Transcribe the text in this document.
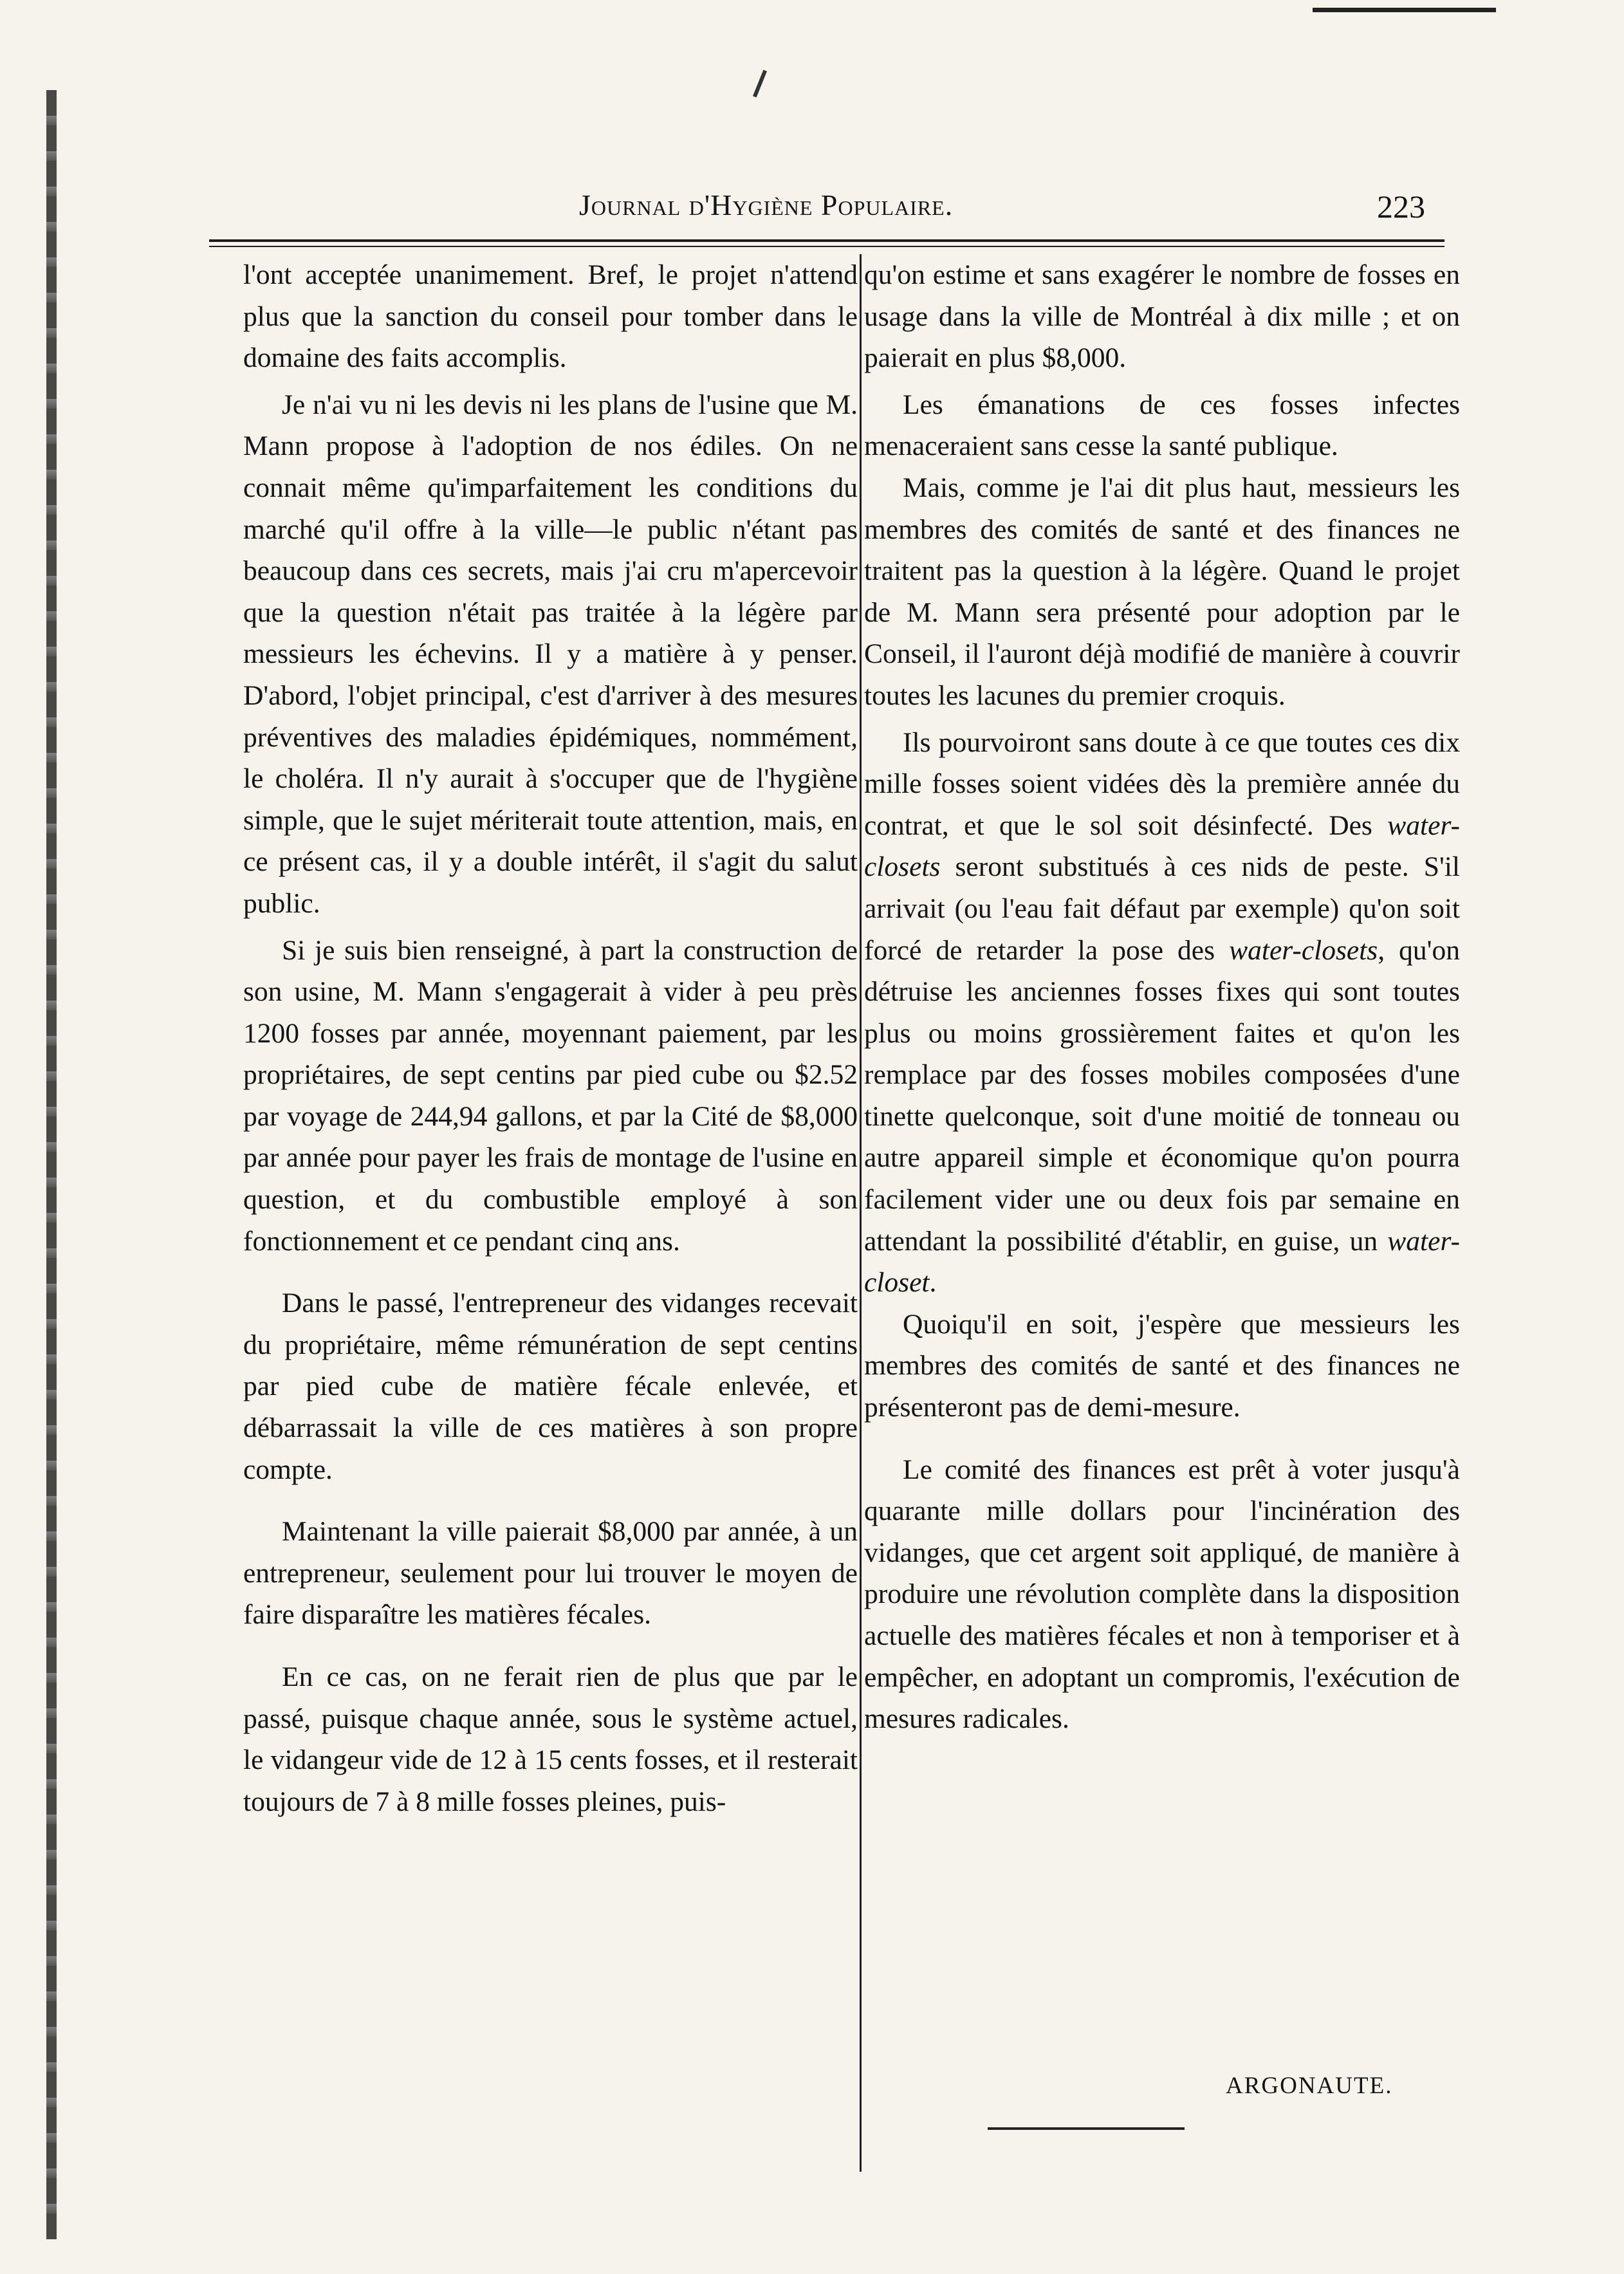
Journal d'Hygiène Populaire.	223

l'ont acceptée unanimement. Bref, le projet n'attend plus que la sanction du conseil pour tomber dans le domaine des faits accomplis.

Je n'ai vu ni les devis ni les plans de l'usine que M. Mann propose à l'adoption de nos édiles. On ne connait même qu'imparfaitement les conditions du marché qu'il offre à la ville—le public n'étant pas beaucoup dans ces secrets, mais j'ai cru m'apercevoir que la question n'était pas traitée à la légère par messieurs les échevins. Il y a matière à y penser. D'abord, l'objet principal, c'est d'arriver à des mesures préventives des maladies épidémiques, nommément, le choléra. Il n'y aurait à s'occuper que de l'hygiène simple, que le sujet mériterait toute attention, mais, en ce présent cas, il y a double intérêt, il s'agit du salut public.

Si je suis bien renseigné, à part la construction de son usine, M. Mann s'engagerait à vider à peu près 1200 fosses par année, moyennant paiement, par les propriétaires, de sept centins par pied cube ou $2.52 par voyage de 244,94 gallons, et par la Cité de $8,000 par année pour payer les frais de montage de l'usine en question, et du combustible employé à son fonctionnement et ce pendant cinq ans.

Dans le passé, l'entrepreneur des vidanges recevait du propriétaire, même rémunération de sept centins par pied cube de matière fécale enlevée, et débarrassait la ville de ces matières à son propre compte.

Maintenant la ville paierait $8,000 par année, à un entrepreneur, seulement pour lui trouver le moyen de faire disparaître les matières fécales.

En ce cas, on ne ferait rien de plus que par le passé, puisque chaque année, sous le système actuel, le vidangeur vide de 12 à 15 cents fosses, et il resterait toujours de 7 à 8 mille fosses pleines, puis-

qu'on estime et sans exagérer le nombre de fosses en usage dans la ville de Montréal à dix mille ; et on paierait en plus $8,000.

Les émanations de ces fosses infectes menaceraient sans cesse la santé publique.

Mais, comme je l'ai dit plus haut, messieurs les membres des comités de santé et des finances ne traitent pas la question à la légère. Quand le projet de M. Mann sera présenté pour adoption par le Conseil, il l'auront déjà modifié de manière à couvrir toutes les lacunes du premier croquis.

Ils pourvoiront sans doute à ce que toutes ces dix mille fosses soient vidées dès la première année du contrat, et que le sol soit désinfecté. Des water-closets seront substitués à ces nids de peste. S'il arrivait (ou l'eau fait défaut par exemple) qu'on soit forcé de retarder la pose des water-closets, qu'on détruise les anciennes fosses fixes qui sont toutes plus ou moins grossièrement faites et qu'on les remplace par des fosses mobiles composées d'une tinette quelconque, soit d'une moitié de tonneau ou autre appareil simple et économique qu'on pourra facilement vider une ou deux fois par semaine en attendant la possibilité d'établir, en guise, un water-closet.

Quoiqu'il en soit, j'espère que messieurs les membres des comités de santé et des finances ne présenteront pas de demi-mesure.

Le comité des finances est prêt à voter jusqu'à quarante mille dollars pour l'incinération des vidanges, que cet argent soit appliqué, de manière à produire une révolution complète dans la disposition actuelle des matières fécales et non à temporiser et à empêcher, en adoptant un compromis, l'exécution de mesures radicales.

ARGONAUTE.
